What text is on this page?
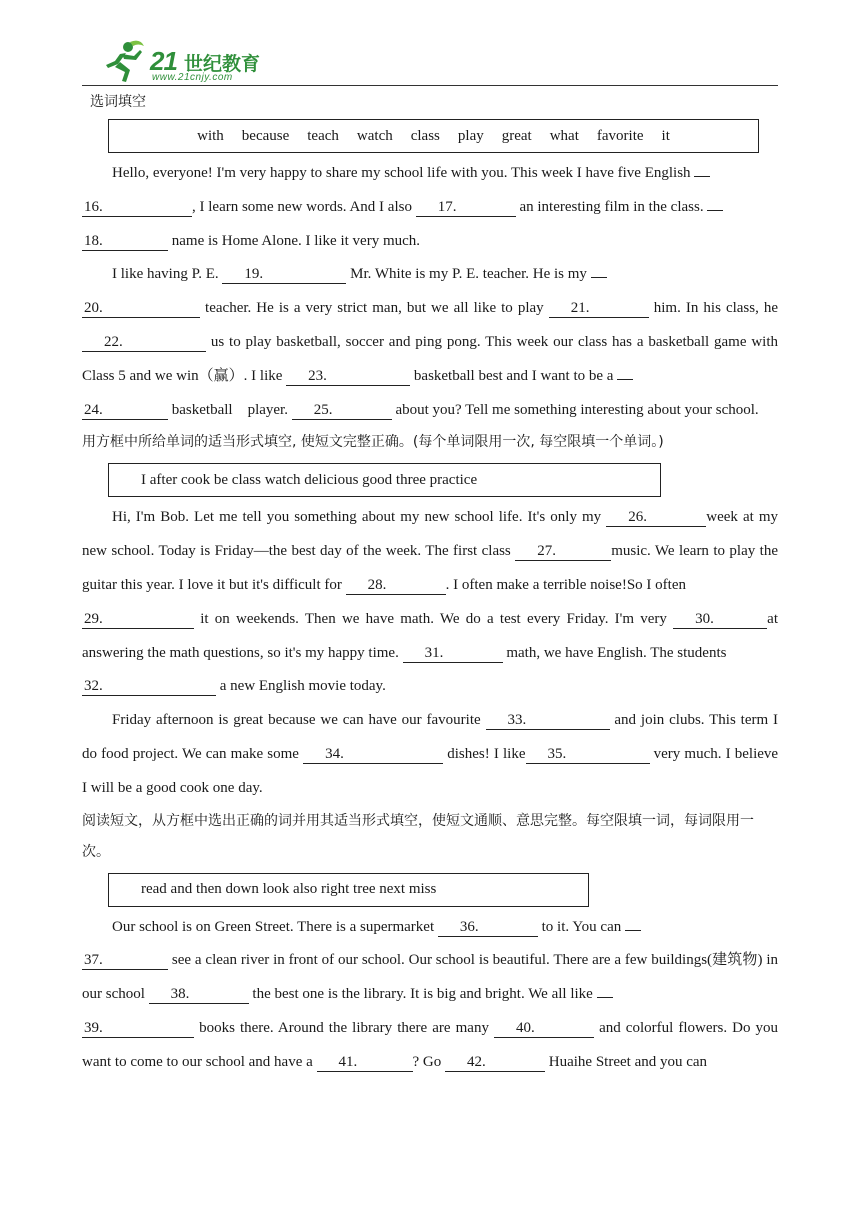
21 世纪教育
www.21cnjy.com
选词填空
with because teach watch class play great what favorite it

Hello, everyone! I'm very happy to share my school life with you. This week I have five English
16.	, I learn some new words. And I also 17.	an interesting film in the class.
18.	name is Home Alone. I like it very much.

I like having P. E. 19.	Mr. White is my P. E. teacher. He is my
20.	teacher. He is a very strict man, but we all like to play 21.	him. In his class, he 22.	us to play basketball, soccer and ping pong. This week our class has a basketball game with Class 5 and we win（赢）. I like 23.	basketball best and I want to be a
24.	basketball　player. 25.	about you? Tell me something interesting about your school.

用方框中所给单词的适当形式填空, 使短文完整正确。(每个单词限用一次, 每空限填一个单词。)
I after cook be class watch delicious good three practice

Hi, I'm Bob. Let me tell you something about my new school life. It's only my 26.	week at my new school. Today is Friday—the best day of the week. The first class 27.	music. We learn to play the guitar this year. I love it but it's difficult for 28.	. I often make a terrible noise!So I often
29.	it on weekends. Then we have math. We do a test every Friday. I'm very 30.	at answering the math questions, so it's my happy time. 31.	math, we have English. The students
32.	a new English movie today.

Friday afternoon is great because we can have our favourite 33.	and join clubs. This term I do food project. We can make some 34.	dishes! I like 35.	very much. I believe I will be a good cook one day.

阅读短文，从方框中选出正确的词并用其适当形式填空，使短文通顺、意思完整。每空限填一词，每词限用一次。
read and then down look also right tree next miss

Our school is on Green Street. There is a supermarket 36.	to it. You can
37.	see a clean river in front of our school. Our school is beautiful. There are a few buildings(建筑物) in our school 38.	the best one is the library. It is big and bright. We all like
39.	books there. Around the library there are many 40.	and colorful flowers. Do you want to come to our school and have a 41.	? Go 42.	Huaihe Street and you can
